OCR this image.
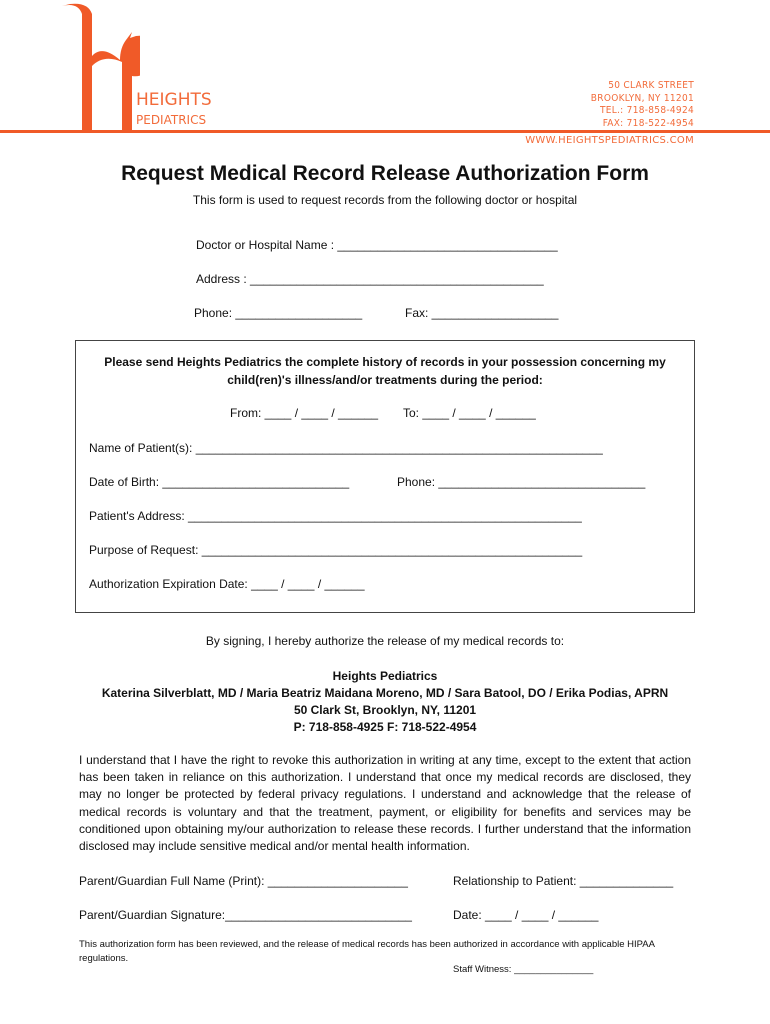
HEIGHTS
PEDIATRICS
50 CLARK STREET
BROOKLYN, NY 11201
TEL.: 718-858-4924
FAX: 718-522-4954
WWW.HEIGHTSPEDIATRICS.COM
Request Medical Record Release Authorization Form
This form is used to request records from the following doctor or hospital
Doctor or Hospital Name : _________________________________
Address : ____________________________________________
Phone: ___________________	Fax: ___________________
Please send Heights Pediatrics the complete history of records in your possession concerning my
child(ren)'s illness/and/or treatments during the period:
From: ____ / ____ / ______ To: ____ / ____ / ______
Name of Patient(s): _____________________________________________________________
Date of Birth: ____________________________	Phone: _______________________________
Patient's Address: ___________________________________________________________
Purpose of Request: _________________________________________________________
Authorization Expiration Date: ____ / ____ / ______
By signing, I hereby authorize the release of my medical records to:
Heights Pediatrics
Katerina Silverblatt, MD / Maria Beatriz Maidana Moreno, MD / Sara Batool, DO / Erika Podias, APRN
50 Clark St, Brooklyn, NY, 11201
P: 718-858-4925 F: 718-522-4954
I understand that I have the right to revoke this authorization in writing at any time, except to the extent that action has been taken in reliance on this authorization. I understand that once my medical records are disclosed, they may no longer be protected by federal privacy regulations. I understand and acknowledge that the release of medical records is voluntary and that the treatment, payment, or eligibility for benefits and services may be conditioned upon obtaining my/our authorization to release these records. I further understand that the information disclosed may include sensitive medical and/or mental health information.
Parent/Guardian Full Name (Print): _____________________	Relationship to Patient: ______________
Parent/Guardian Signature:____________________________	Date: ____ / ____ / ______
This authorization form has been reviewed, and the release of medical records has been authorized in accordance with applicable HIPAA regulations.
Staff Witness: _______________
